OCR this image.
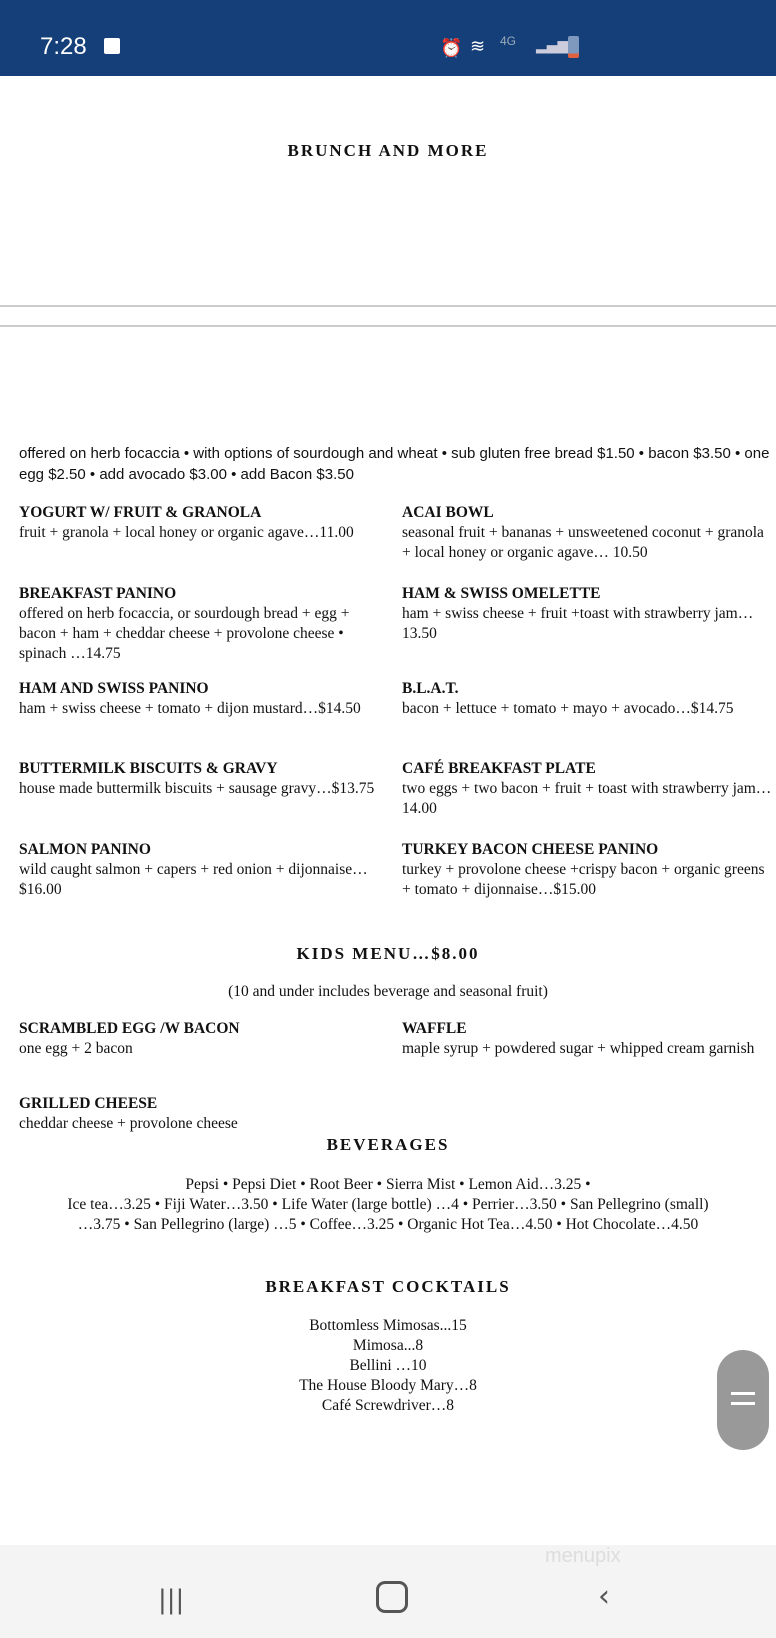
7:28	⏰ ≋ 4G ▂▄▆
BRUNCH AND MORE
offered on herb focaccia • with options of sourdough and wheat • sub gluten free bread $1.50 • bacon $3.50 • one egg $2.50 • add avocado $3.00 • add Bacon $3.50
YOGURT W/ FRUIT & GRANOLA
fruit + granola + local honey or organic agave…11.00
ACAI BOWL
seasonal fruit + bananas + unsweetened coconut + granola + local honey or organic agave… 10.50
BREAKFAST PANINO
offered on herb focaccia, or sourdough bread + egg + bacon + ham + cheddar cheese + provolone cheese • spinach …14.75
HAM & SWISS OMELETTE
ham + swiss cheese + fruit +toast with strawberry jam…13.50
HAM AND SWISS PANINO
ham + swiss cheese + tomato + dijon mustard…$14.50
B.L.A.T.
bacon + lettuce + tomato + mayo + avocado…$14.75
BUTTERMILK BISCUITS & GRAVY
house made buttermilk biscuits + sausage gravy…$13.75
CAFÉ BREAKFAST PLATE
two eggs + two bacon + fruit + toast with strawberry jam…14.00
SALMON PANINO
wild caught salmon + capers + red onion + dijonnaise…$16.00
TURKEY BACON CHEESE PANINO
turkey + provolone cheese +crispy bacon + organic greens + tomato + dijonnaise…$15.00
KIDS MENU…$8.00
(10 and under includes beverage and seasonal fruit)
SCRAMBLED EGG /W BACON
one egg + 2 bacon
WAFFLE
maple syrup + powdered sugar + whipped cream garnish
GRILLED CHEESE
cheddar cheese + provolone cheese
BEVERAGES
Pepsi • Pepsi Diet • Root Beer • Sierra Mist • Lemon Aid…3.25 •
Ice tea…3.25 • Fiji Water…3.50 • Life Water (large bottle) …4 • Perrier…3.50 • San Pellegrino (small)
…3.75 • San Pellegrino (large) …5 • Coffee…3.25 • Organic Hot Tea…4.50 • Hot Chocolate…4.50
BREAKFAST COCKTAILS
Bottomless Mimosas...15
Mimosa...8
Bellini …10
The House Bloody Mary…8
Café Screwdriver…8
menupix
|||	‹
